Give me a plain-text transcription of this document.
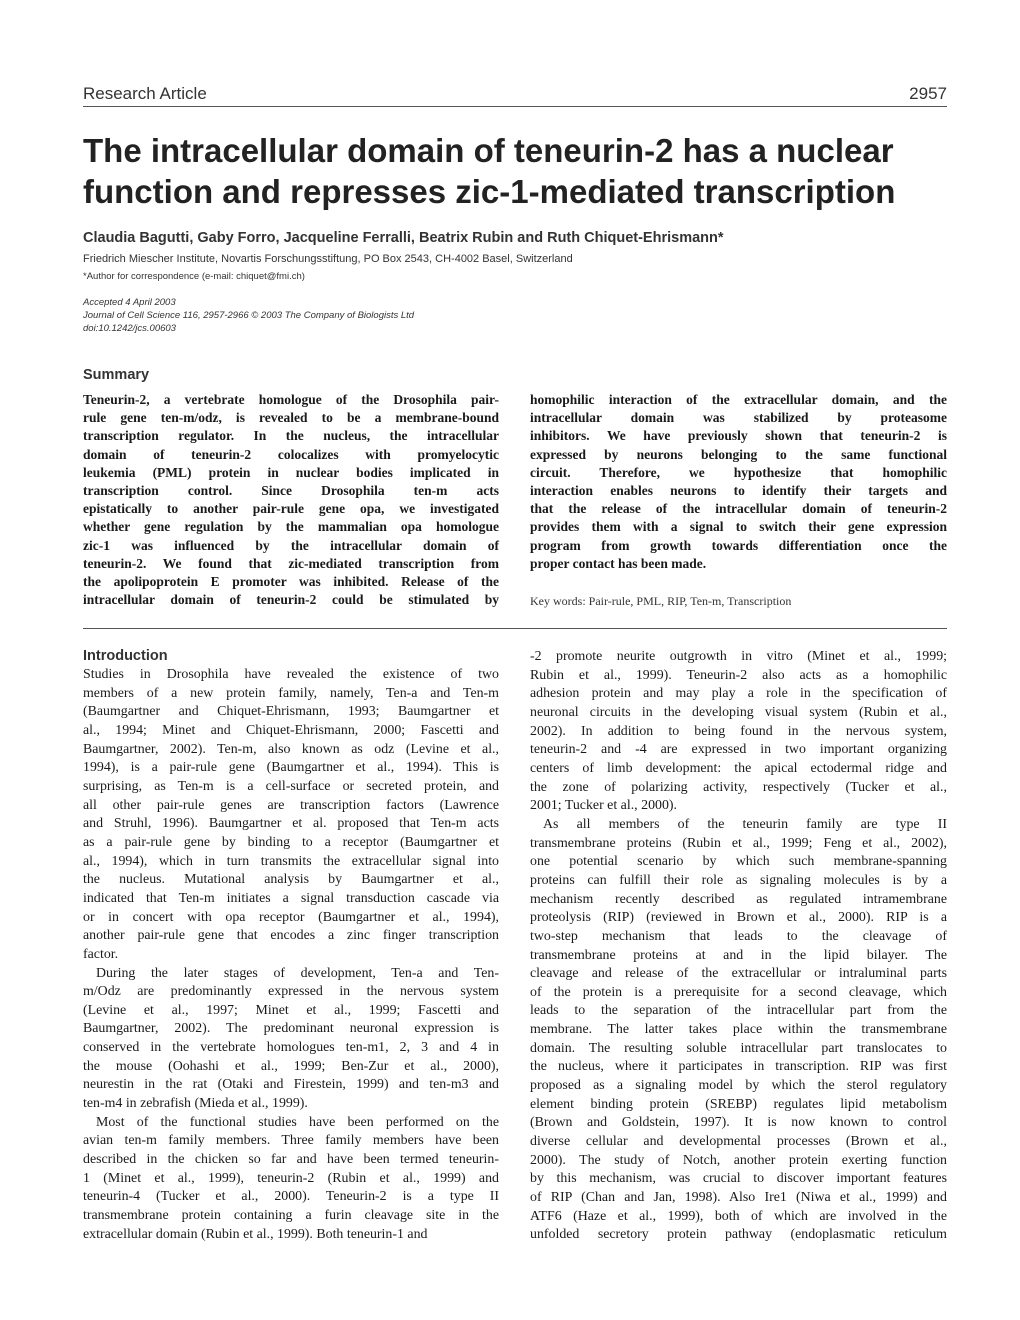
Research Article	2957
The intracellular domain of teneurin-2 has a nuclear
function and represses zic-1-mediated transcription
Claudia Bagutti, Gaby Forro, Jacqueline Ferralli, Beatrix Rubin and Ruth Chiquet-Ehrismann*
Friedrich Miescher Institute, Novartis Forschungsstiftung, PO Box 2543, CH-4002 Basel, Switzerland
*Author for correspondence (e-mail: chiquet@fmi.ch)
Accepted 4 April 2003
Journal of Cell Science 116, 2957-2966 © 2003 The Company of Biologists Ltd
doi:10.1242/jcs.00603
Summary
Teneurin-2, a vertebrate homologue of the Drosophila pair-
rule gene ten-m/odz, is revealed to be a membrane-bound
transcription regulator. In the nucleus, the intracellular
domain of teneurin-2 colocalizes with promyelocytic
leukemia (PML) protein in nuclear bodies implicated in
transcription control. Since Drosophila ten-m acts
epistatically to another pair-rule gene opa, we investigated
whether gene regulation by the mammalian opa homologue
zic-1 was influenced by the intracellular domain of
teneurin-2. We found that zic-mediated transcription from
the apolipoprotein E promoter was inhibited. Release of the
intracellular domain of teneurin-2 could be stimulated by
homophilic interaction of the extracellular domain, and the
intracellular domain was stabilized by proteasome
inhibitors. We have previously shown that teneurin-2 is
expressed by neurons belonging to the same functional
circuit. Therefore, we hypothesize that homophilic
interaction enables neurons to identify their targets and
that the release of the intracellular domain of teneurin-2
provides them with a signal to switch their gene expression
program from growth towards differentiation once the
proper contact has been made.
Key words: Pair-rule, PML, RIP, Ten-m, Transcription
Introduction
Studies in Drosophila have revealed the existence of two
members of a new protein family, namely, Ten-a and Ten-m
(Baumgartner and Chiquet-Ehrismann, 1993; Baumgartner et
al., 1994; Minet and Chiquet-Ehrismann, 2000; Fascetti and
Baumgartner, 2002). Ten-m, also known as odz (Levine et al.,
1994), is a pair-rule gene (Baumgartner et al., 1994). This is
surprising, as Ten-m is a cell-surface or secreted protein, and
all other pair-rule genes are transcription factors (Lawrence
and Struhl, 1996). Baumgartner et al. proposed that Ten-m acts
as a pair-rule gene by binding to a receptor (Baumgartner et
al., 1994), which in turn transmits the extracellular signal into
the nucleus. Mutational analysis by Baumgartner et al.,
indicated that Ten-m initiates a signal transduction cascade via
or in concert with opa receptor (Baumgartner et al., 1994),
another pair-rule gene that encodes a zinc finger transcription
factor.
During the later stages of development, Ten-a and Ten-
m/Odz are predominantly expressed in the nervous system
(Levine et al., 1997; Minet et al., 1999; Fascetti and
Baumgartner, 2002). The predominant neuronal expression is
conserved in the vertebrate homologues ten-m1, 2, 3 and 4 in
the mouse (Oohashi et al., 1999; Ben-Zur et al., 2000),
neurestin in the rat (Otaki and Firestein, 1999) and ten-m3 and
ten-m4 in zebrafish (Mieda et al., 1999).
Most of the functional studies have been performed on the
avian ten-m family members. Three family members have been
described in the chicken so far and have been termed teneurin-
1 (Minet et al., 1999), teneurin-2 (Rubin et al., 1999) and
teneurin-4 (Tucker et al., 2000). Teneurin-2 is a type II
transmembrane protein containing a furin cleavage site in the
extracellular domain (Rubin et al., 1999). Both teneurin-1 and
-2 promote neurite outgrowth in vitro (Minet et al., 1999;
Rubin et al., 1999). Teneurin-2 also acts as a homophilic
adhesion protein and may play a role in the specification of
neuronal circuits in the developing visual system (Rubin et al.,
2002). In addition to being found in the nervous system,
teneurin-2 and -4 are expressed in two important organizing
centers of limb development: the apical ectodermal ridge and
the zone of polarizing activity, respectively (Tucker et al.,
2001; Tucker et al., 2000).
As all members of the teneurin family are type II
transmembrane proteins (Rubin et al., 1999; Feng et al., 2002),
one potential scenario by which such membrane-spanning
proteins can fulfill their role as signaling molecules is by a
mechanism recently described as regulated intramembrane
proteolysis (RIP) (reviewed in Brown et al., 2000). RIP is a
two-step mechanism that leads to the cleavage of
transmembrane proteins at and in the lipid bilayer. The
cleavage and release of the extracellular or intraluminal parts
of the protein is a prerequisite for a second cleavage, which
leads to the separation of the intracellular part from the
membrane. The latter takes place within the transmembrane
domain. The resulting soluble intracellular part translocates to
the nucleus, where it participates in transcription. RIP was first
proposed as a signaling model by which the sterol regulatory
element binding protein (SREBP) regulates lipid metabolism
(Brown and Goldstein, 1997). It is now known to control
diverse cellular and developmental processes (Brown et al.,
2000). The study of Notch, another protein exerting function
by this mechanism, was crucial to discover important features
of RIP (Chan and Jan, 1998). Also Ire1 (Niwa et al., 1999) and
ATF6 (Haze et al., 1999), both of which are involved in the
unfolded secretory protein pathway (endoplasmatic reticulum
